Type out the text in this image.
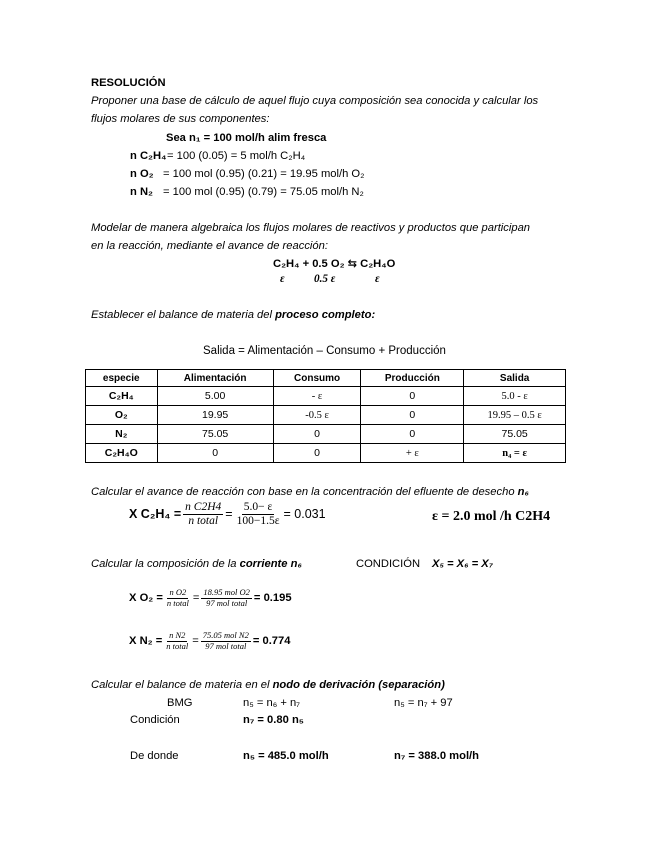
RESOLUCIÓN
Proponer una base de cálculo de aquel flujo cuya composición sea conocida y calcular los
flujos molares de sus componentes:
Sea n₁ = 100 mol/h alim fresca
n C₂H₄ = 100 (0.05) = 5 mol/h C₂H₄
n O₂ = 100 mol (0.95) (0.21) = 19.95 mol/h O₂
n N₂ = 100 mol (0.95) (0.79) = 75.05 mol/h N₂
Modelar de manera algebraica los flujos molares de reactivos y productos que participan
en la reacción, mediante el avance de reacción:
C₂H₄ + 0.5 O₂ ⇆ C₂H₄O
ε	0.5 ε	ε
Establecer el balance de materia del proceso completo:
Salida = Alimentación – Consumo + Producción
especie	Alimentación	Consumo	Producción	Salida
C₂H₄	5.00	- ε	0	5.0 - ε
O₂	19.95	-0.5 ε	0	19.95 – 0.5 ε
N₂	75.05	0	0	75.05
C₂H₄O	0	0	+ ε	n₄ = ε
Calcular el avance de reacción con base en la concentración del efluente de desecho n₆
X $C_2H_4 = \frac{\text{n C2H4}}{\text{n total}} = \frac{5.0- \varepsilon}{100-1.5\varepsilon} = 0.031$	ε = 2.0 mol /h C2H4
Calcular la composición de la corriente n₆	CONDICIÓN X₅ = X₆ = X₇
X $O_2 = \frac{\text{n O2}}{\text{n total}} = \frac{\text{18.95 mol O2}}{\text{97 mol total}} = 0.195$
X $N_2 = \frac{\text{n N2}}{\text{n total}} = \frac{\text{75.05 mol N2}}{\text{97 mol total}} = 0.774$
Calcular el balance de materia en el nodo de derivación (separación)
BMG	n₅ = n₆ + n₇	n₅ = n₇ + 97
Condición	n₇ = 0.80 n₅
De donde	n₅ = 485.0 mol/h	n₇ = 388.0 mol/h
